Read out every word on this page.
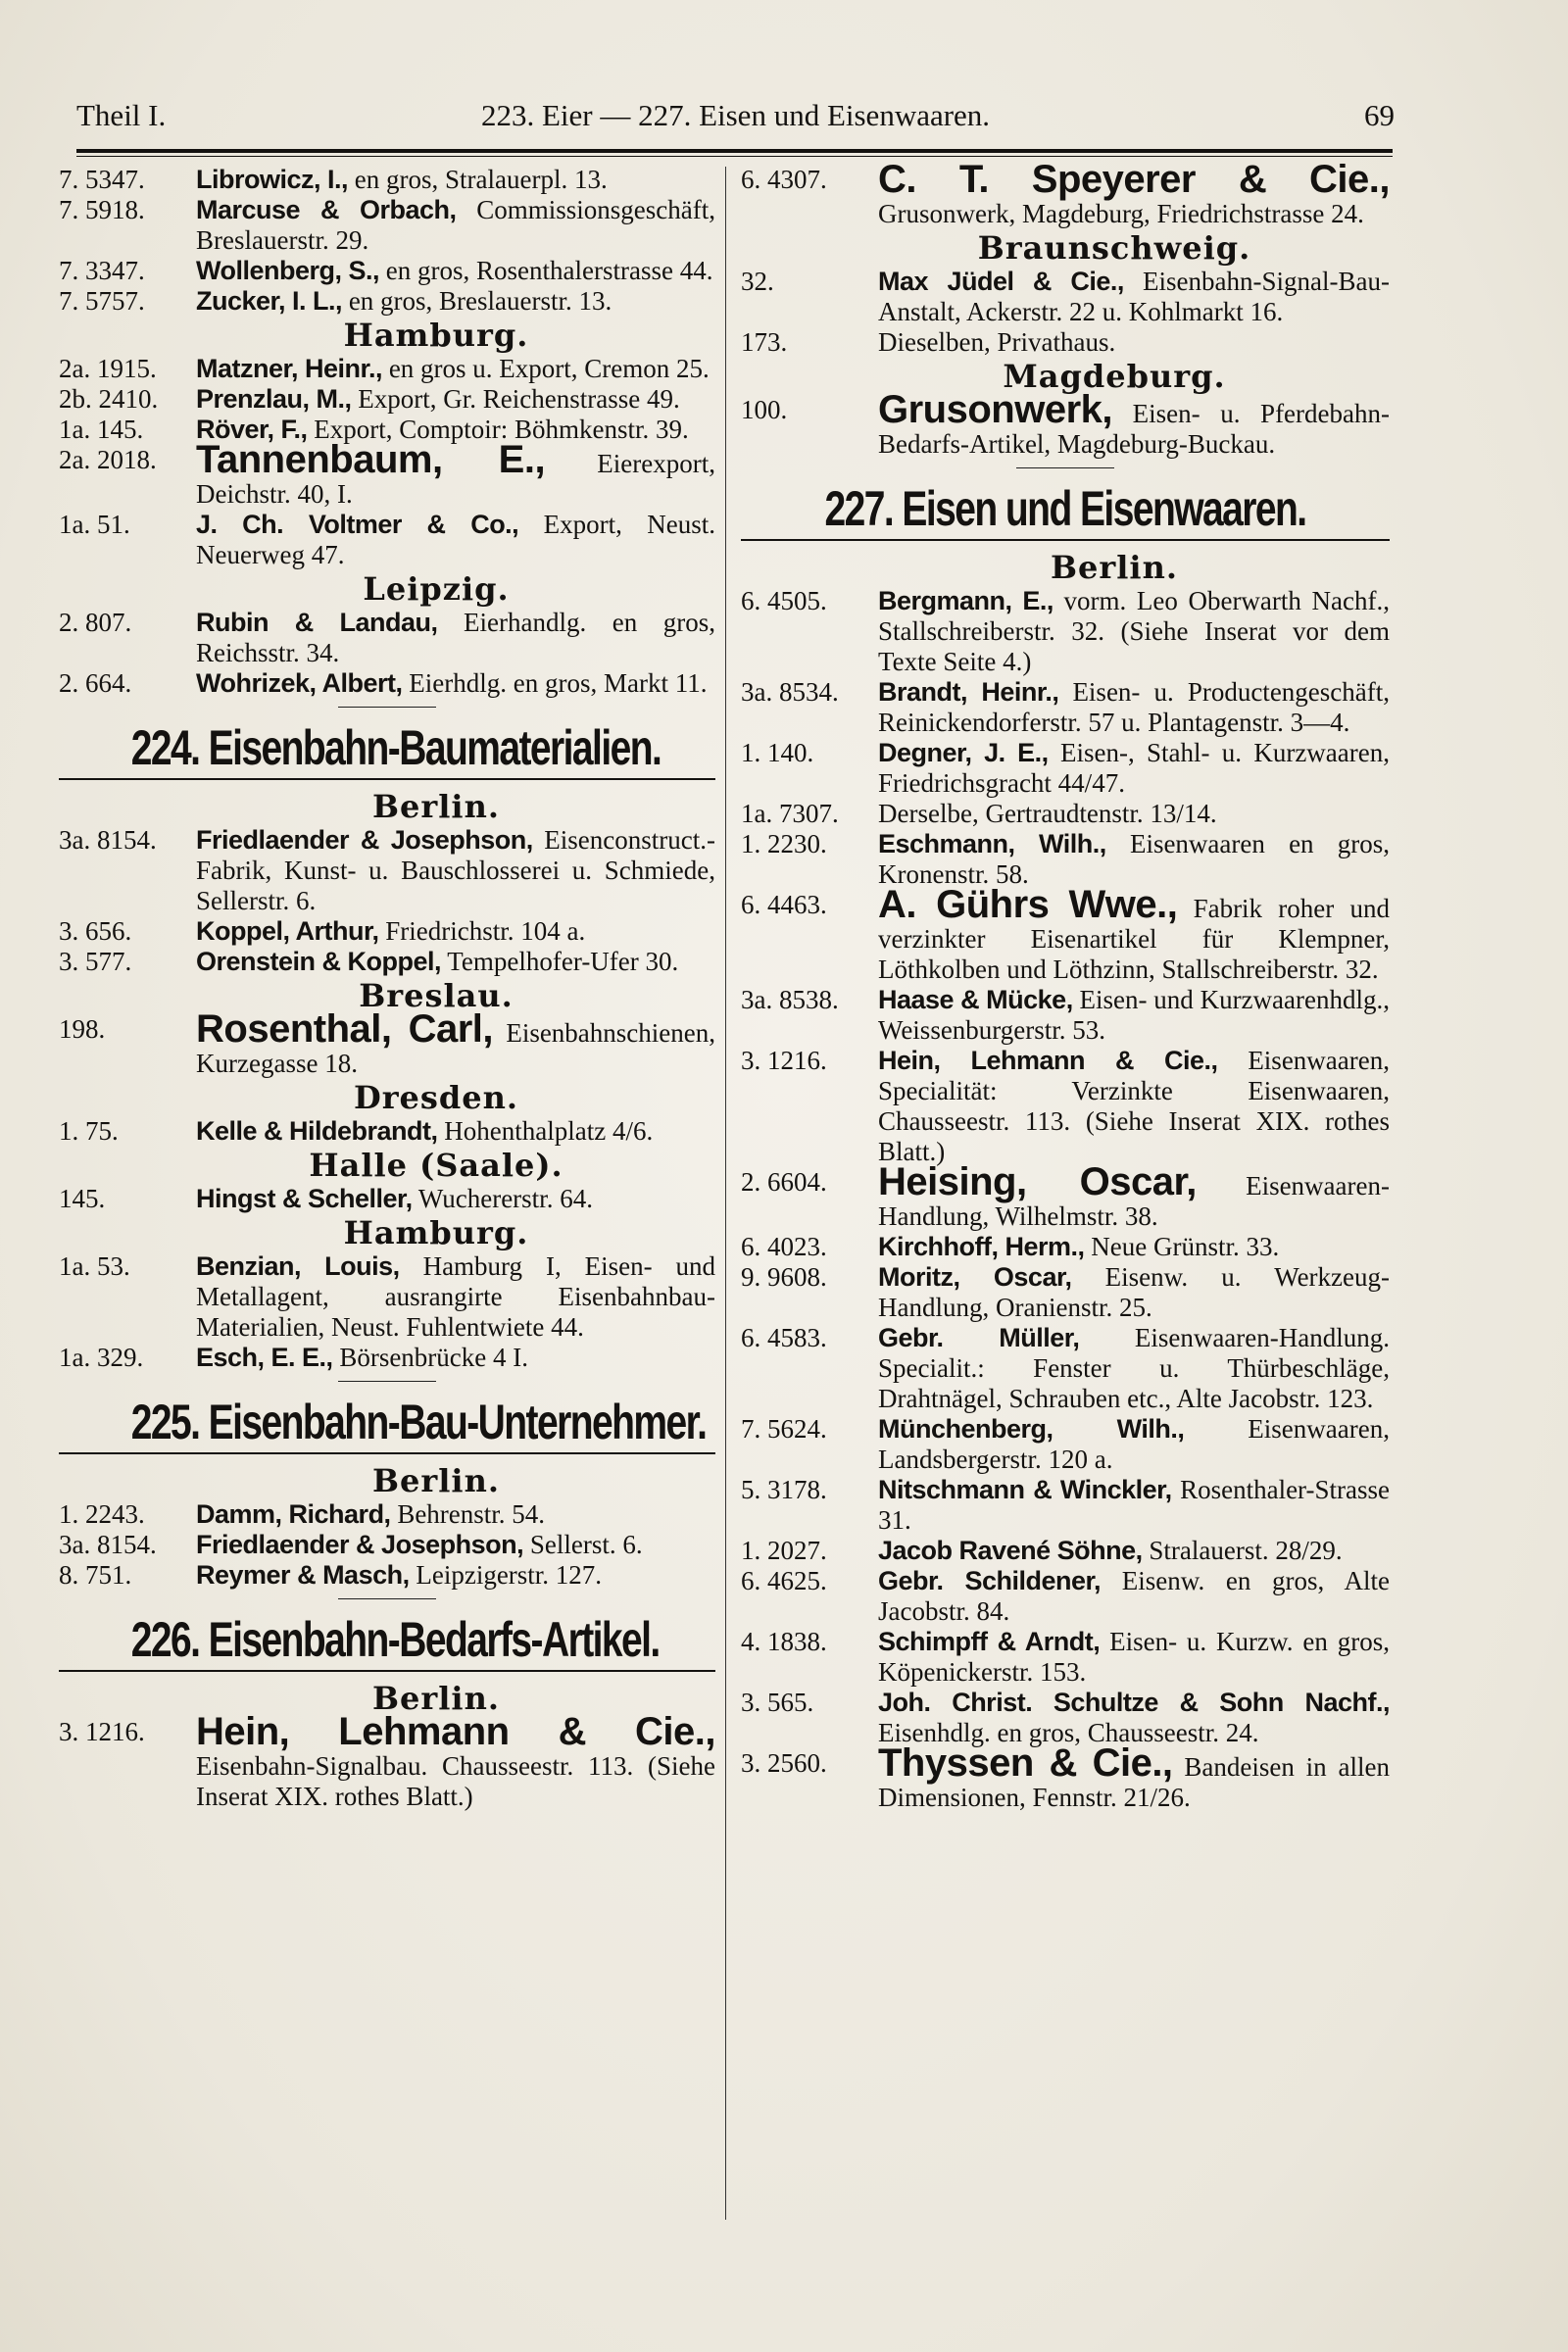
Theil I.	223. Eier — 227. Eisen und Eisenwaaren.	69
7. 5347.	Librowicz, I., en gros, Stralauerpl. 13.
7. 5918.	Marcuse & Orbach, Commissionsgeschäft, Breslauerstr. 29.
7. 3347.	Wollenberg, S., en gros, Rosenthalerstrasse 44.
7. 5757.	Zucker, I. L., en gros, Breslauerstr. 13.
Hamburg.
2a. 1915.	Matzner, Heinr., en gros u. Export, Cremon 25.
2b. 2410.	Prenzlau, M., Export, Gr. Reichenstrasse 49.
1a. 145.	Röver, F., Export, Comptoir: Böhmkenstr. 39.
2a. 2018.	Tannenbaum, E., Eierexport, Deichstr. 40, I.
1a. 51.	J. Ch. Voltmer & Co., Export, Neust. Neuerweg 47.
Leipzig.
2. 807.	Rubin & Landau, Eierhandlg. en gros, Reichsstr. 34.
2. 664.	Wohrizek, Albert, Eierhdlg. en gros, Markt 11.
224. Eisenbahn-Baumaterialien.
Berlin.
3a. 8154.	Friedlaender & Josephson, Eisenconstruct.-Fabrik, Kunst- u. Bauschlosserei u. Schmiede, Sellerstr. 6.
3. 656.	Koppel, Arthur, Friedrichstr. 104 a.
3. 577.	Orenstein & Koppel, Tempelhofer-Ufer 30.
Breslau.
198.	Rosenthal, Carl, Eisenbahnschienen, Kurzegasse 18.
Dresden.
1. 75.	Kelle & Hildebrandt, Hohenthalplatz 4/6.
Halle (Saale).
145.	Hingst & Scheller, Wuchererstr. 64.
Hamburg.
1a. 53.	Benzian, Louis, Hamburg I, Eisen- und Metallagent, ausrangirte Eisenbahnbau-Materialien, Neust. Fuhlentwiete 44.
1a. 329.	Esch, E. E., Börsenbrücke 4 I.
225. Eisenbahn-Bau-Unternehmer.
Berlin.
1. 2243.	Damm, Richard, Behrenstr. 54.
3a. 8154.	Friedlaender & Josephson, Sellerst. 6.
8. 751.	Reymer & Masch, Leipzigerstr. 127.
226. Eisenbahn-Bedarfs-Artikel.
Berlin.
3. 1216.	Hein, Lehmann & Cie., Eisenbahn-Signalbau. Chausseestr. 113. (Siehe Inserat XIX. rothes Blatt.)
6. 4307.	C. T. Speyerer & Cie., Grusonwerk, Magdeburg, Friedrichstrasse 24.
Braunschweig.
32.	Max Jüdel & Cie., Eisenbahn-Signal-Bau-Anstalt, Ackerstr. 22 u. Kohlmarkt 16.
173.	Dieselben, Privathaus.
Magdeburg.
100.	Grusonwerk, Eisen- u. Pferdebahn-Bedarfs-Artikel, Magdeburg-Buckau.
227. Eisen und Eisenwaaren.
Berlin.
6. 4505.	Bergmann, E., vorm. Leo Oberwarth Nachf., Stallschreiberstr. 32. (Siehe Inserat vor dem Texte Seite 4.)
3a. 8534.	Brandt, Heinr., Eisen- u. Productengeschäft, Reinickendorferstr. 57 u. Plantagenstr. 3—4.
1. 140.	Degner, J. E., Eisen-, Stahl- u. Kurzwaaren, Friedrichsgracht 44/47.
1a. 7307.	Derselbe, Gertraudtenstr. 13/14.
1. 2230.	Eschmann, Wilh., Eisenwaaren en gros, Kronenstr. 58.
6. 4463.	A. Gührs Wwe., Fabrik roher und verzinkter Eisenartikel für Klempner, Löthkolben und Löthzinn, Stallschreiberstr. 32.
3a. 8538.	Haase & Mücke, Eisen- und Kurzwaarenhdlg., Weissenburgerstr. 53.
3. 1216.	Hein, Lehmann & Cie., Eisenwaaren, Specialität: Verzinkte Eisenwaaren, Chausseestr. 113. (Siehe Inserat XIX. rothes Blatt.)
2. 6604.	Heising, Oscar, Eisenwaaren-Handlung, Wilhelmstr. 38.
6. 4023.	Kirchhoff, Herm., Neue Grünstr. 33.
9. 9608.	Moritz, Oscar, Eisenw. u. Werkzeug-Handlung, Oranienstr. 25.
6. 4583.	Gebr. Müller, Eisenwaaren-Handlung. Specialit.: Fenster u. Thürbeschläge, Drahtnägel, Schrauben etc., Alte Jacobstr. 123.
7. 5624.	Münchenberg, Wilh., Eisenwaaren, Landsbergerstr. 120 a.
5. 3178.	Nitschmann & Winckler, Rosenthaler-Strasse 31.
1. 2027.	Jacob Ravené Söhne, Stralauerst. 28/29.
6. 4625.	Gebr. Schildener, Eisenw. en gros, Alte Jacobstr. 84.
4. 1838.	Schimpff & Arndt, Eisen- u. Kurzw. en gros, Köpenickerstr. 153.
3. 565.	Joh. Christ. Schultze & Sohn Nachf., Eisenhdlg. en gros, Chausseestr. 24.
3. 2560.	Thyssen & Cie., Bandeisen in allen Dimensionen, Fennstr. 21/26.
